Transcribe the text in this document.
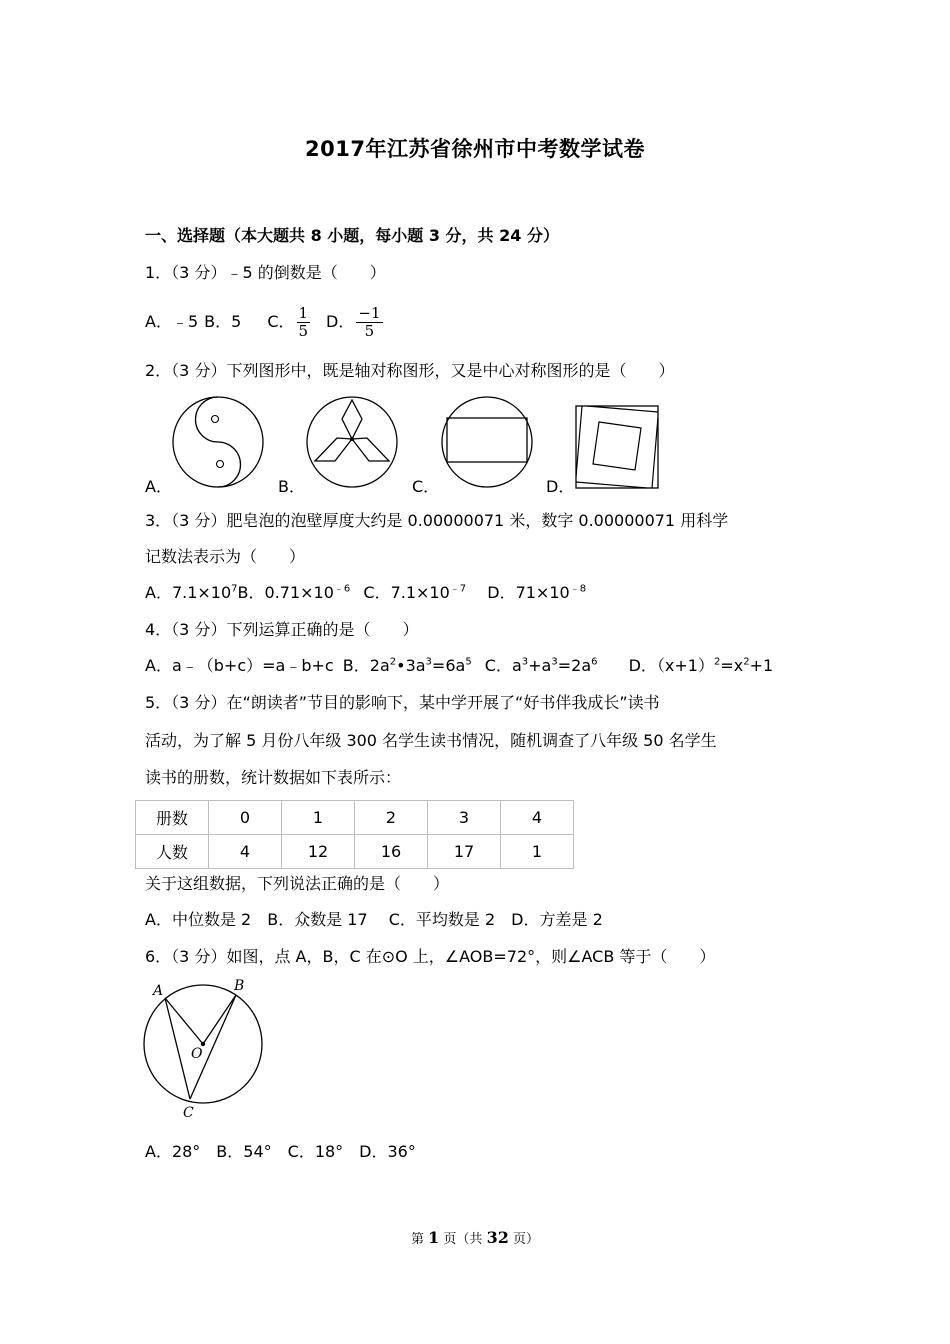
2017年江苏省徐州市中考数学试卷
一、选择题（本大题共 8 小题，每小题 3 分，共 24 分）
1．（3 分）﹣5 的倒数是（　　）
A．﹣5 B．5 C． $\frac{1}{5}$ D． $\frac{-1}{5}$
2．（3 分）下列图形中，既是轴对称图形，又是中心对称图形的是（　　）
A．	B．	C．	D．
3．（3 分）肥皂泡的泡壁厚度大约是 0.00000071 米，数字 0.00000071 用科学
记数法表示为（　　）
A．$7.1\times 10^7B$．$0.71\times 10^{﹣6}$ C．$7.1\times 10^{﹣7}$ D．$71\times 10^{﹣8}$
4．（3 分）下列运算正确的是（　　）
A．a﹣（b+c）=a﹣b+c B．$2a^2•3a^3=6a^5$ C．$a^3+a^3=2a^6$ D．$(x+1)^2=x^2+1$
5．（3 分）在“朗读者”节目的影响下，某中学开展了“好书伴我成长”读书
活动，为了解 5 月份八年级 300 名学生读书情况，随机调查了八年级 50 名学生
读书的册数，统计数据如下表所示：
册数	0	1	2	3	4
人数	4	12	16	17	1
关于这组数据，下列说法正确的是（　　）
A．中位数是 2　B．众数是 17　 C．平均数是 2　D．方差是 2
6．（3 分）如图，点 A，B，C 在⊙O 上，∠AOB=72°，则∠ACB 等于（　　）
A	B
O
C
A．28°　B．54°　C．18°　D．36°
第 1 页（共 32 页）
